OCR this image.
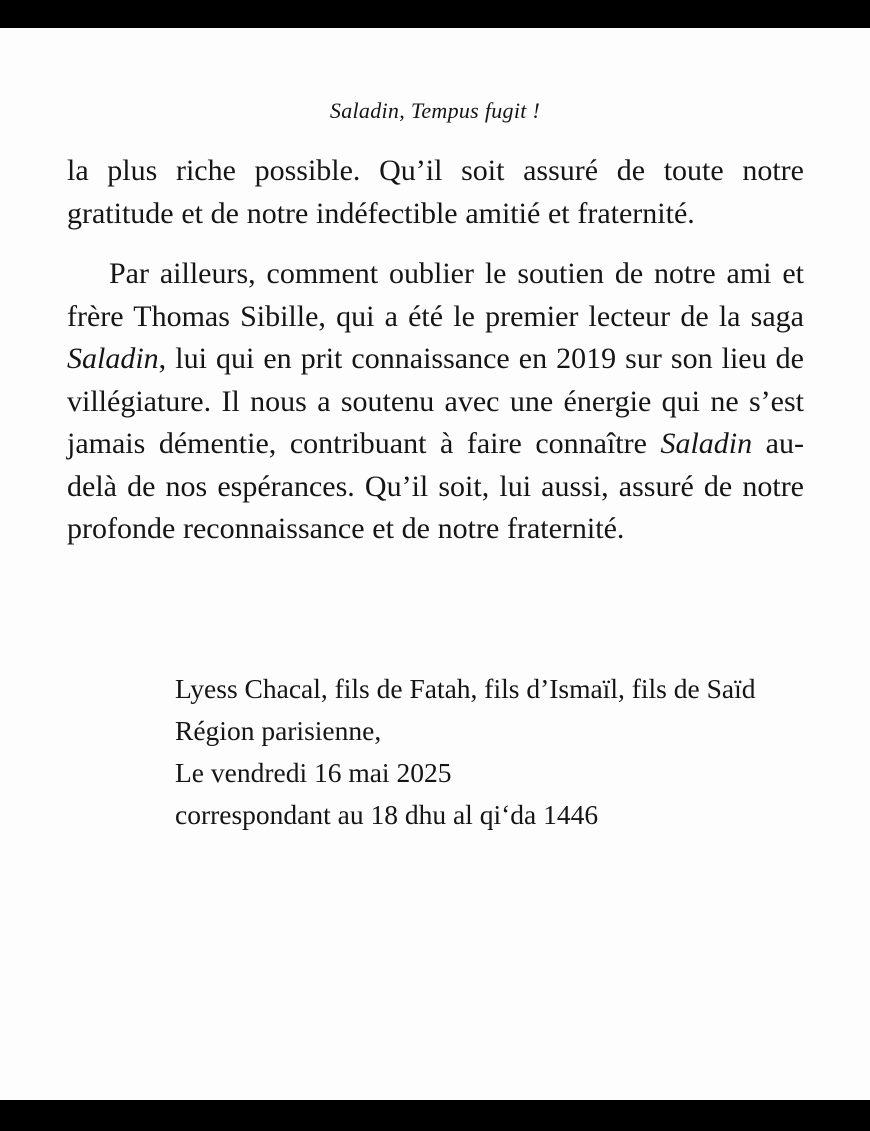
Saladin, Tempus fugit !

la plus riche possible. Qu’il soit assuré de toute notre gratitude et de notre indéfectible amitié et fraternité.

Par ailleurs, comment oublier le soutien de notre ami et frère Thomas Sibille, qui a été le premier lecteur de la saga Saladin, lui qui en prit connaissance en 2019 sur son lieu de villégiature. Il nous a soutenu avec une énergie qui ne s’est jamais démentie, contribuant à faire connaître Saladin au-delà de nos espérances. Qu’il soit, lui aussi, assuré de notre profonde reconnaissance et de notre fraternité.

Lyess Chacal, fils de Fatah, fils d’Ismaïl, fils de Saïd
Région parisienne,
Le vendredi 16 mai 2025
correspondant au 18 dhu al qiʻda 1446
